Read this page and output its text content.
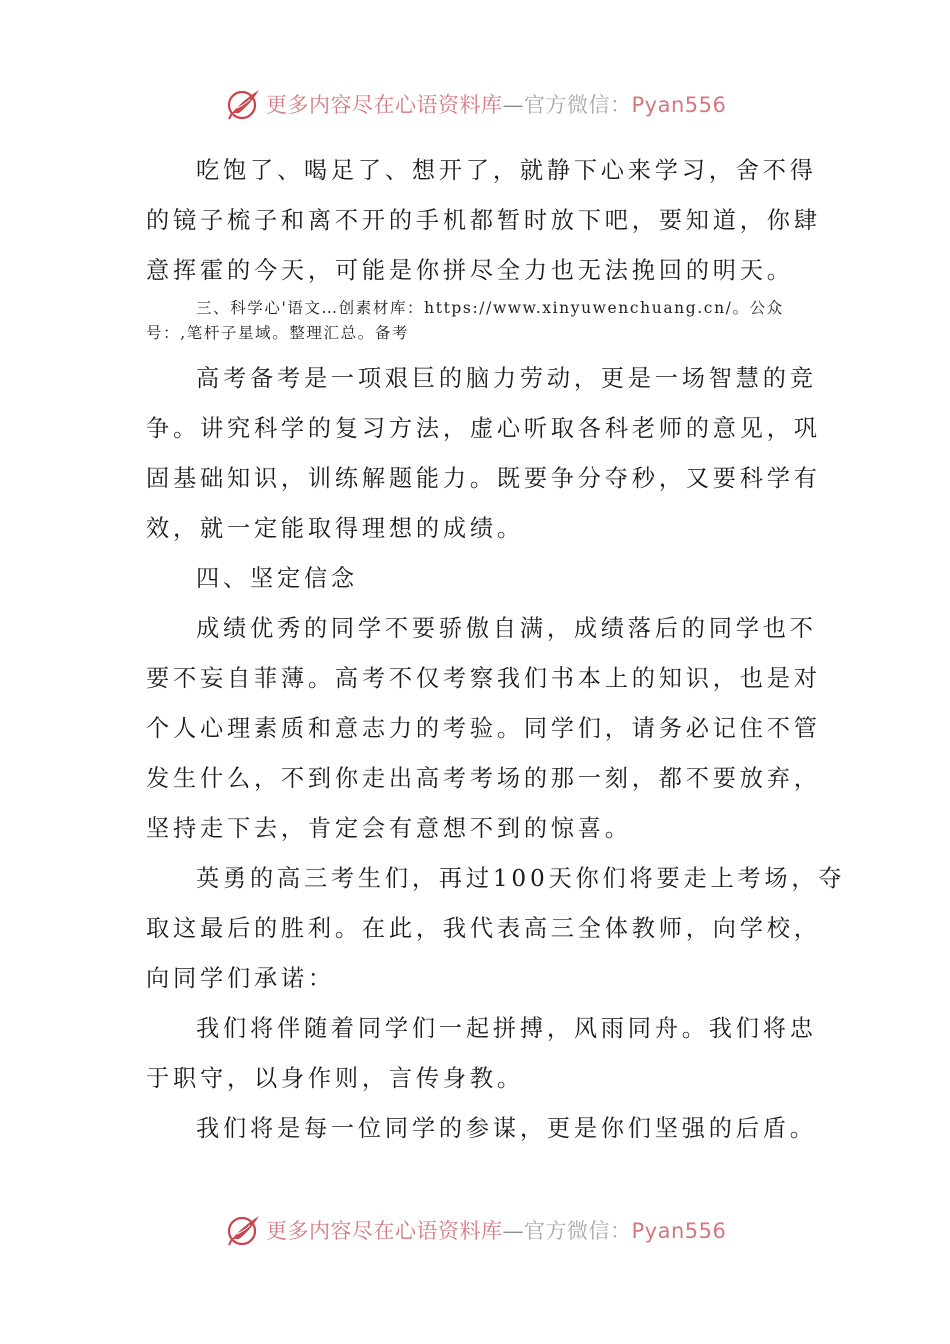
更多内容尽在心语资料库—官方微信：Pyan556

吃饱了、喝足了、想开了，就静下心来学习，舍不得

的镜子梳子和离不开的手机都暂时放下吧，要知道，你肆

意挥霍的今天，可能是你拼尽全力也无法挽回的明天。

三、科学心'语文…创素材库：https://www.xinyuwenchuang.cn/。公众

号：,笔杆子星域。整理汇总。备考

高考备考是一项艰巨的脑力劳动，更是一场智慧的竞

争。讲究科学的复习方法，虚心听取各科老师的意见，巩

固基础知识，训练解题能力。既要争分夺秒，又要科学有

效，就一定能取得理想的成绩。

四、坚定信念

成绩优秀的同学不要骄傲自满，成绩落后的同学也不

要不妄自菲薄。高考不仅考察我们书本上的知识，也是对

个人心理素质和意志力的考验。同学们，请务必记住不管

发生什么，不到你走出高考考场的那一刻，都不要放弃，

坚持走下去，肯定会有意想不到的惊喜。

英勇的高三考生们，再过100天你们将要走上考场，夺

取这最后的胜利。在此，我代表高三全体教师，向学校，

向同学们承诺：

我们将伴随着同学们一起拼搏，风雨同舟。我们将忠

于职守，以身作则，言传身教。

我们将是每一位同学的参谋，更是你们坚强的后盾。

更多内容尽在心语资料库—官方微信：Pyan556
